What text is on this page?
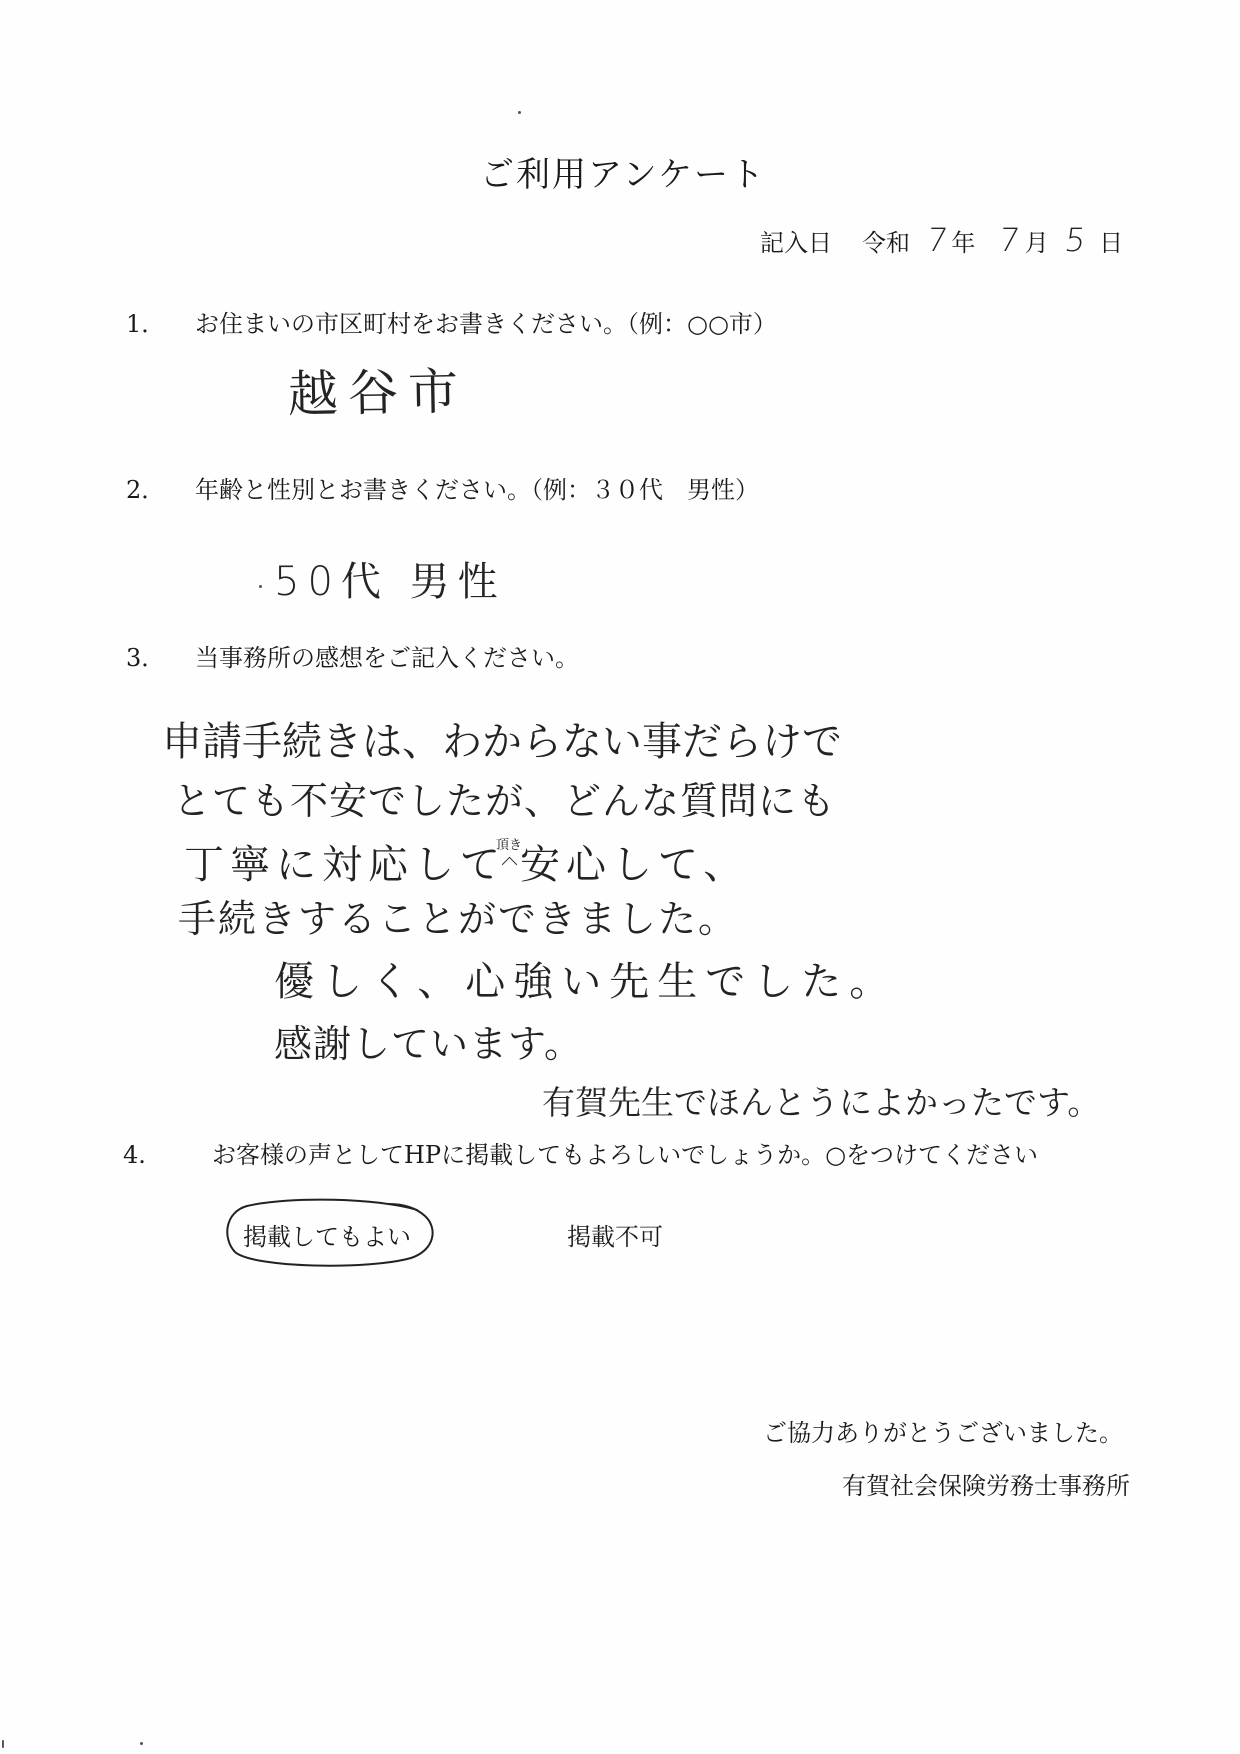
ご利用アンケート
記入日 令和 7 年 7 月 5 日
1． お住まいの市区町村をお書きください。（例：○○市）
越谷市
2． 年齢と性別とお書きください。（例：３０代　男性）
50代 男性
3． 当事務所の感想をご記入ください。
申請手続きは、わからない事だらけで
とても不安でしたが、どんな質問にも
丁寧に対応して
頂き
安心して、
手続きすることができました。
優しく、心強い先生でした。
感謝しています。
有賀先生でほんとうによかったです。
4.	お客様の声としてHPに掲載してもよろしいでしょうか。○をつけてください
掲載してもよい	掲載不可
ご協力ありがとうございました。
有賀社会保険労務士事務所
